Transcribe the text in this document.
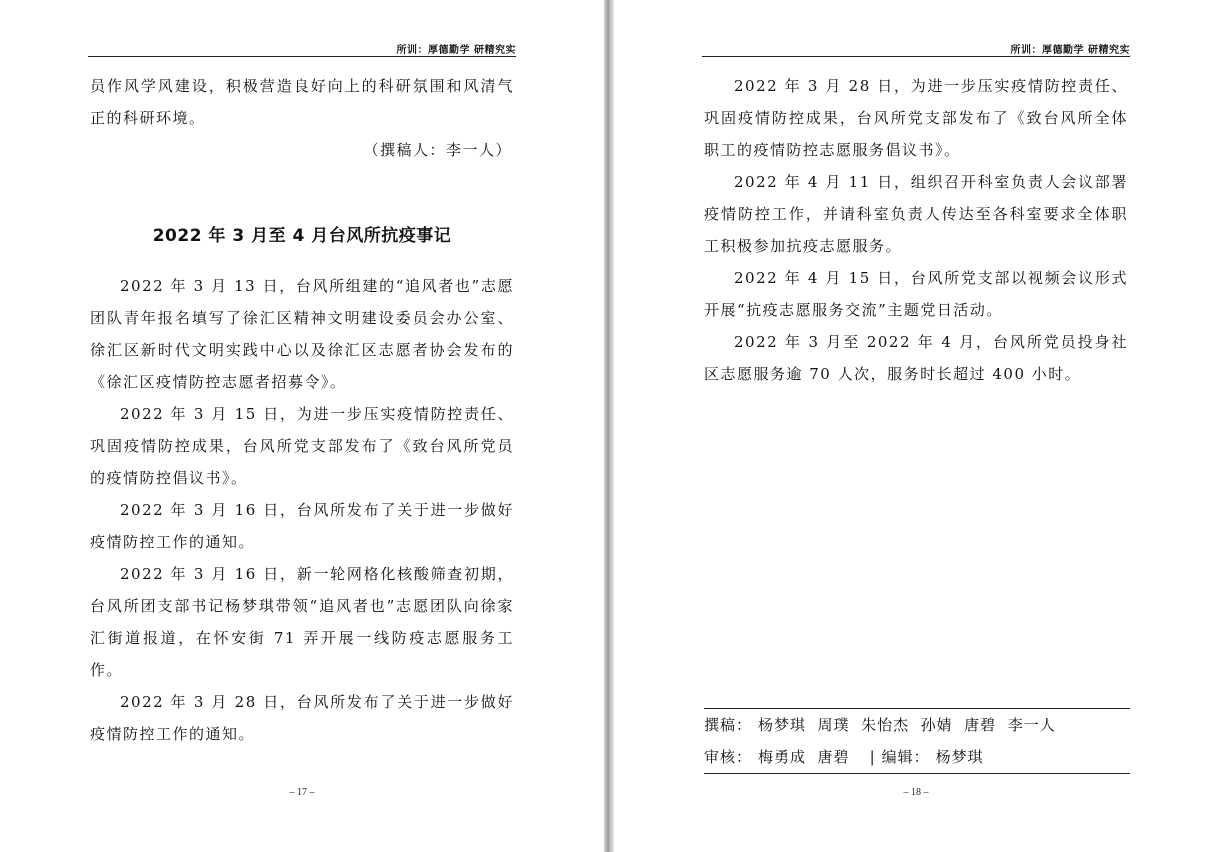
所训：厚德勤学 研精究实

员作风学风建设，积极营造良好向上的科研氛围和风清气正的科研环境。

（撰稿人：李一人）
2022 年 3 月至 4 月台风所抗疫事记

2022 年 3 月 13 日，台风所组建的“追风者也”志愿团队青年报名填写了徐汇区精神文明建设委员会办公室、徐汇区新时代文明实践中心以及徐汇区志愿者协会发布的《徐汇区疫情防控志愿者招募令》。

2022 年 3 月 15 日，为进一步压实疫情防控责任、巩固疫情防控成果，台风所党支部发布了《致台风所党员的疫情防控倡议书》。

2022 年 3 月 16 日，台风所发布了关于进一步做好疫情防控工作的通知。

2022 年 3 月 16 日，新一轮网格化核酸筛查初期，台风所团支部书记杨梦琪带领“追风者也”志愿团队向徐家汇街道报道，在怀安街 71 弄开展一线防疫志愿服务工作。

2022 年 3 月 28 日，台风所发布了关于进一步做好疫情防控工作的通知。

– 17 –
所训：厚德勤学 研精究实

2022 年 3 月 28 日，为进一步压实疫情防控责任、巩固疫情防控成果，台风所党支部发布了《致台风所全体职工的疫情防控志愿服务倡议书》。

2022 年 4 月 11 日，组织召开科室负责人会议部署疫情防控工作，并请科室负责人传达至各科室要求全体职工积极参加抗疫志愿服务。

2022 年 4 月 15 日，台风所党支部以视频会议形式开展“抗疫志愿服务交流”主题党日活动。

2022 年 3 月至 2022 年 4 月，台风所党员投身社区志愿服务逾 70 人次，服务时长超过 400 小时。

撰稿： 杨梦琪  周璞  朱怡杰  孙婧  唐碧  李一人
审核： 梅勇成  唐碧 | 编辑： 杨梦琪
– 18 –
